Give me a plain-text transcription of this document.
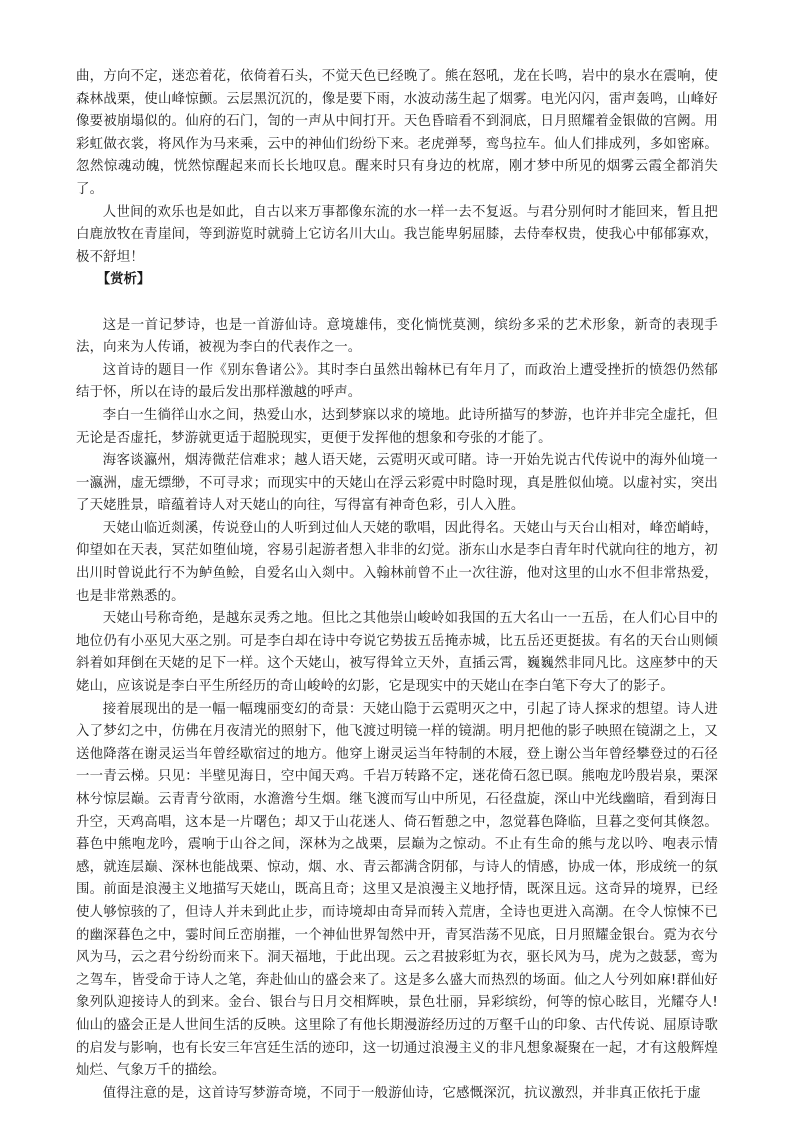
曲，方向不定，迷恋着花，依倚着石头，不觉天色已经晚了。熊在怒吼，龙在长鸣，岩中的泉水在震响，使森林战栗，使山峰惊颤。云层黑沉沉的，像是要下雨，水波动荡生起了烟雾。电光闪闪，雷声轰鸣，山峰好像要被崩塌似的。仙府的石门，訇的一声从中间打开。天色昏暗看不到洞底，日月照耀着金银做的宫阙。用彩虹做衣裳，将风作为马来乘，云中的神仙们纷纷下来。老虎弹琴，鸾鸟拉车。仙人们排成列，多如密麻。忽然惊魂动魄，恍然惊醒起来而长长地叹息。醒来时只有身边的枕席，刚才梦中所见的烟雾云霞全都消失了。

人世间的欢乐也是如此，自古以来万事都像东流的水一样一去不复返。与君分别何时才能回来，暂且把白鹿放牧在青崖间，等到游览时就骑上它访名川大山。我岂能卑躬屈膝，去侍奉权贵，使我心中郁郁寡欢，极不舒坦！

【赏析】

这是一首记梦诗，也是一首游仙诗。意境雄伟，变化惝恍莫测，缤纷多采的艺术形象，新奇的表现手法，向来为人传诵，被视为李白的代表作之一。

这首诗的题目一作《别东鲁诸公》。其时李白虽然出翰林已有年月了，而政治上遭受挫折的愤怨仍然郁结于怀，所以在诗的最后发出那样激越的呼声。

李白一生徜徉山水之间，热爱山水，达到梦寐以求的境地。此诗所描写的梦游，也许并非完全虚托，但无论是否虚托，梦游就更适于超脱现实，更便于发挥他的想象和夸张的才能了。

海客谈瀛州，烟涛微茫信难求；越人语天姥，云霓明灭或可睹。诗一开始先说古代传说中的海外仙境一一瀛洲，虚无缥缈，不可寻求；而现实中的天姥山在浮云彩霓中时隐时现，真是胜似仙境。以虚衬实，突出了天姥胜景，暗蕴着诗人对天姥山的向往，写得富有神奇色彩，引人入胜。

天姥山临近剡溪，传说登山的人听到过仙人天姥的歌唱，因此得名。天姥山与天台山相对，峰峦峭峙，仰望如在天表，冥茫如堕仙境，容易引起游者想入非非的幻觉。浙东山水是李白青年时代就向往的地方，初出川时曾说此行不为鲈鱼鲙，自爱名山入剡中。入翰林前曾不止一次往游，他对这里的山水不但非常热爱，也是非常熟悉的。

天姥山号称奇绝，是越东灵秀之地。但比之其他崇山峻岭如我国的五大名山一一五岳，在人们心目中的地位仍有小巫见大巫之别。可是李白却在诗中夸说它势拔五岳掩赤城，比五岳还更挺拔。有名的天台山则倾斜着如拜倒在天姥的足下一样。这个天姥山，被写得耸立天外，直插云霄，巍巍然非同凡比。这座梦中的天姥山，应该说是李白平生所经历的奇山峻岭的幻影，它是现实中的天姥山在李白笔下夸大了的影子。

接着展现出的是一幅一幅瑰丽变幻的奇景：天姥山隐于云霓明灭之中，引起了诗人探求的想望。诗人进入了梦幻之中，仿佛在月夜清光的照射下，他飞渡过明镜一样的镜湖。明月把他的影子映照在镜湖之上，又送他降落在谢灵运当年曾经歇宿过的地方。他穿上谢灵运当年特制的木屐，登上谢公当年曾经攀登过的石径一一青云梯。只见：半壁见海日，空中闻天鸡。千岩万转路不定，迷花倚石忽已暝。熊咆龙吟殷岩泉，栗深林兮惊层巅。云青青兮欲雨，水澹澹兮生烟。继飞渡而写山中所见，石径盘旋，深山中光线幽暗，看到海日升空，天鸡高唱，这本是一片曙色；却又于山花迷人、倚石暂憩之中，忽觉暮色降临，旦暮之变何其倏忽。暮色中熊咆龙吟，震响于山谷之间，深林为之战栗，层巅为之惊动。不止有生命的熊与龙以吟、咆表示情感，就连层巅、深林也能战栗、惊动，烟、水、青云都满含阴郁，与诗人的情感，协成一体，形成统一的氛围。前面是浪漫主义地描写天姥山，既高且奇；这里又是浪漫主义地抒情，既深且远。这奇异的境界，已经使人够惊骇的了，但诗人并未到此止步，而诗境却由奇异而转入荒唐，全诗也更进入高潮。在令人惊悚不已的幽深暮色之中，霎时间丘峦崩摧，一个神仙世界訇然中开，青冥浩荡不见底，日月照耀金银台。霓为衣兮风为马，云之君兮纷纷而来下。洞天福地，于此出现。云之君披彩虹为衣，驱长风为马，虎为之鼓瑟，鸾为之驾车，皆受命于诗人之笔，奔赴仙山的盛会来了。这是多么盛大而热烈的场面。仙之人兮列如麻!群仙好象列队迎接诗人的到来。金台、银台与日月交相辉映，景色壮丽，异彩缤纷，何等的惊心眩目，光耀夺人!仙山的盛会正是人世间生活的反映。这里除了有他长期漫游经历过的万壑千山的印象、古代传说、屈原诗歌的启发与影响，也有长安三年宫廷生活的迹印，这一切通过浪漫主义的非凡想象凝聚在一起，才有这般辉煌灿烂、气象万千的描绘。

值得注意的是，这首诗写梦游奇境，不同于一般游仙诗，它感慨深沉，抗议激烈，并非真正依托于虚
